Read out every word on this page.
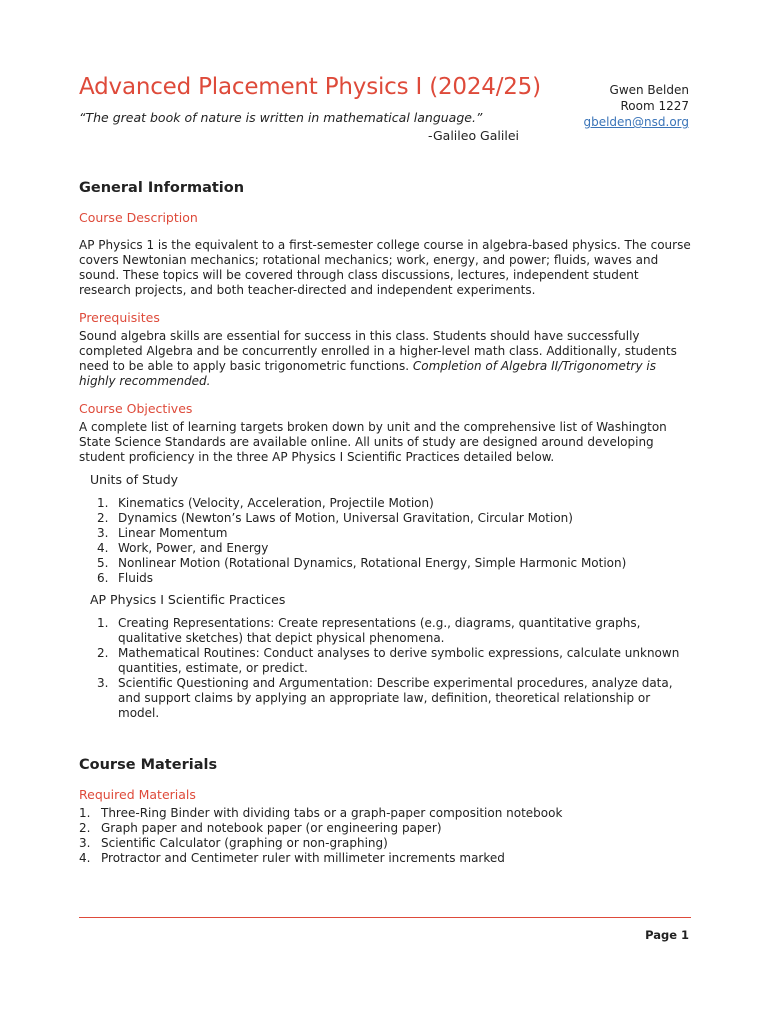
Advanced Placement Physics I (2024/25)
“The great book of nature is written in mathematical language.”
-Galileo Galilei
Gwen Belden
Room 1227
gbelden@nsd.org
General Information
Course Description

AP Physics 1 is the equivalent to a first-semester college course in algebra-based physics. The course covers Newtonian mechanics; rotational mechanics; work, energy, and power; fluids, waves and sound. These topics will be covered through class discussions, lectures, independent student research projects, and both teacher-directed and independent experiments.

Prerequisites

Sound algebra skills are essential for success in this class. Students should have successfully completed Algebra and be concurrently enrolled in a higher-level math class. Additionally, students need to be able to apply basic trigonometric functions. Completion of Algebra II/Trigonometry is highly recommended.

Course Objectives

A complete list of learning targets broken down by unit and the comprehensive list of Washington State Science Standards are available online. All units of study are designed around developing student proficiency in the three AP Physics I Scientific Practices detailed below.

Units of Study
1. Kinematics (Velocity, Acceleration, Projectile Motion)
2. Dynamics (Newton’s Laws of Motion, Universal Gravitation, Circular Motion)
3. Linear Momentum
4. Work, Power, and Energy
5. Nonlinear Motion (Rotational Dynamics, Rotational Energy, Simple Harmonic Motion)
6. Fluids
AP Physics I Scientific Practices
1. Creating Representations: Create representations (e.g., diagrams, quantitative graphs, qualitative sketches) that depict physical phenomena.
2. Mathematical Routines: Conduct analyses to derive symbolic expressions, calculate unknown quantities, estimate, or predict.
3. Scientific Questioning and Argumentation: Describe experimental procedures, analyze data, and support claims by applying an appropriate law, definition, theoretical relationship or model.
Course Materials
Required Materials
1. Three-Ring Binder with dividing tabs or a graph-paper composition notebook
2. Graph paper and notebook paper (or engineering paper)
3. Scientific Calculator (graphing or non-graphing)
4. Protractor and Centimeter ruler with millimeter increments marked
Page 1
